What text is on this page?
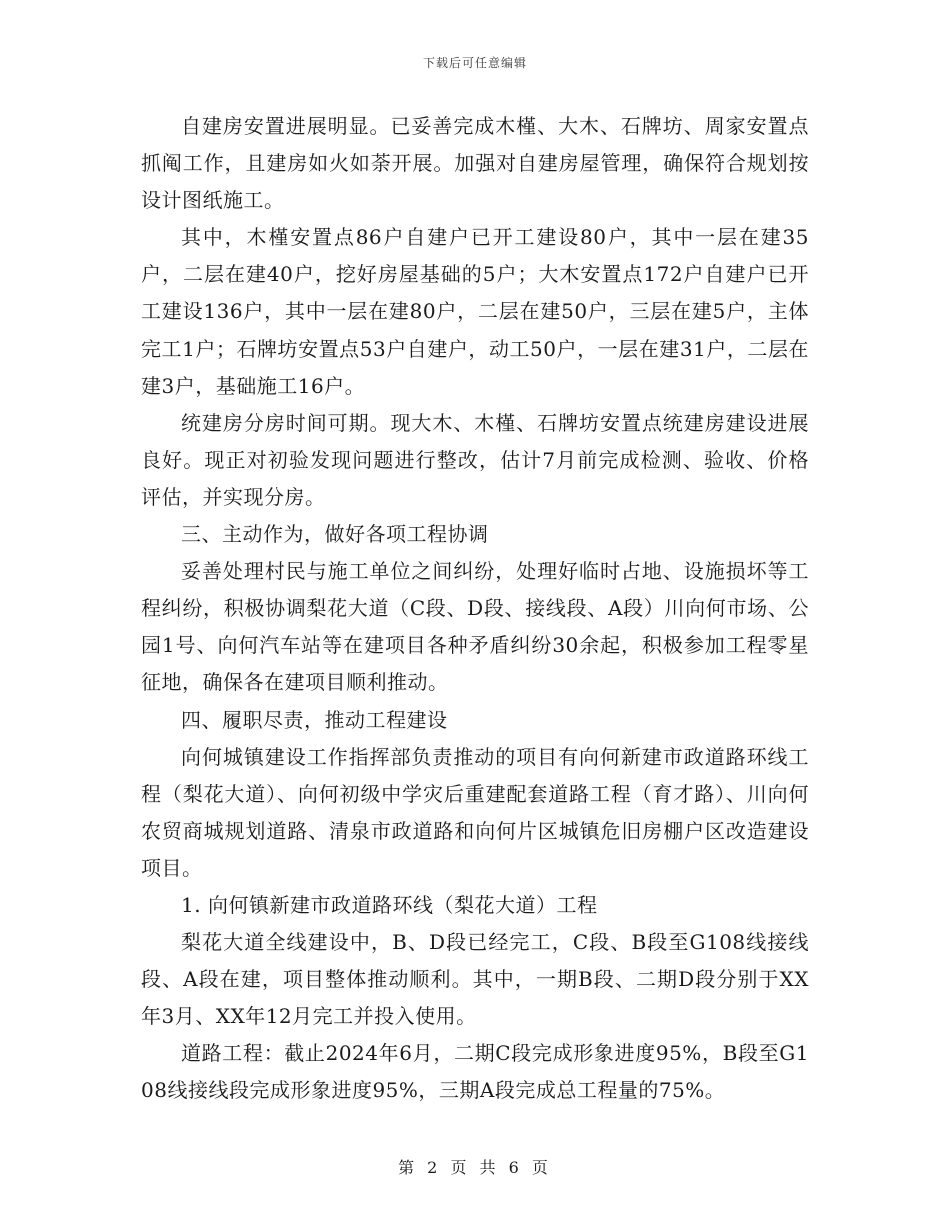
下载后可任意编辑

自建房安置进展明显。已妥善完成木槿、大木、石牌坊、周家安置点抓阄工作，且建房如火如荼开展。加强对自建房屋管理，确保符合规划按设计图纸施工。

其中，木槿安置点86户自建户已开工建设80户，其中一层在建35户，二层在建40户，挖好房屋基础的5户；大木安置点172户自建户已开工建设136户，其中一层在建80户，二层在建50户，三层在建5户，主体完工1户；石牌坊安置点53户自建户，动工50户，一层在建31户，二层在建3户，基础施工16户。

统建房分房时间可期。现大木、木槿、石牌坊安置点统建房建设进展良好。现正对初验发现问题进行整改，估计7月前完成检测、验收、价格评估，并实现分房。

三、主动作为，做好各项工程协调

妥善处理村民与施工单位之间纠纷，处理好临时占地、设施损坏等工程纠纷，积极协调梨花大道（C段、D段、接线段、A段）川向何市场、公园1号、向何汽车站等在建项目各种矛盾纠纷30余起，积极参加工程零星征地，确保各在建项目顺利推动。

四、履职尽责，推动工程建设

向何城镇建设工作指挥部负责推动的项目有向何新建市政道路环线工程（梨花大道）、向何初级中学灾后重建配套道路工程（育才路）、川向何农贸商城规划道路、清泉市政道路和向何片区城镇危旧房棚户区改造建设项目。

1. 向何镇新建市政道路环线（梨花大道）工程

梨花大道全线建设中，B、D段已经完工，C段、B段至G108线接线段、A段在建，项目整体推动顺利。其中，一期B段、二期D段分别于XX年3月、XX年12月完工并投入使用。

道路工程：截止2024年6月，二期C段完成形象进度95%，B段至G108线接线段完成形象进度95%，三期A段完成总工程量的75%。

第 2 页 共 6 页
